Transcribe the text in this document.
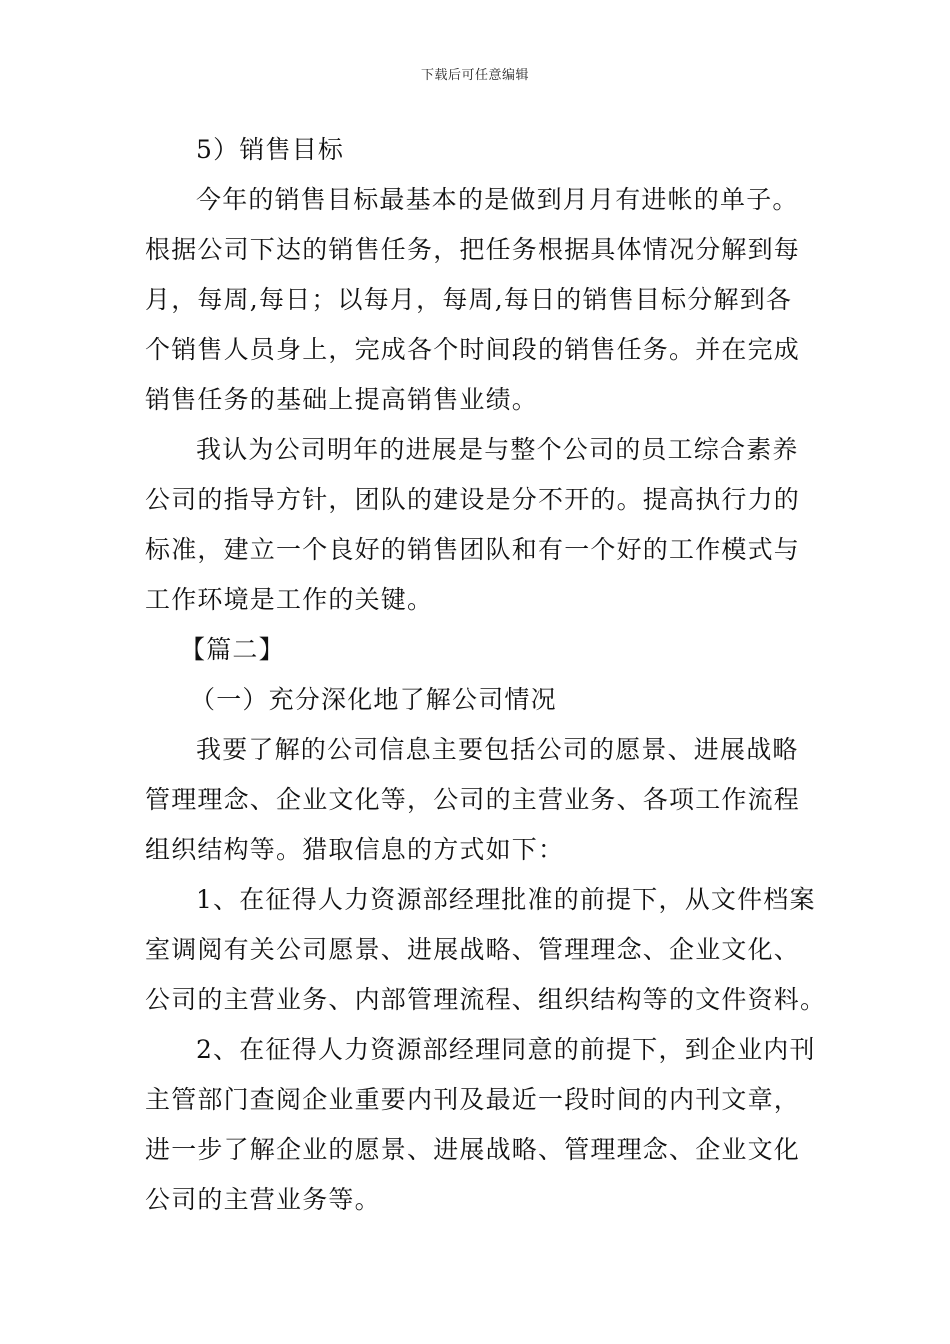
下载后可任意编辑
5）销售目标
今年的销售目标最基本的是做到月月有进帐的单子。
根据公司下达的销售任务，把任务根据具体情况分解到每
月，每周,每日；以每月，每周,每日的销售目标分解到各
个销售人员身上，完成各个时间段的销售任务。并在完成
销售任务的基础上提高销售业绩。
我认为公司明年的进展是与整个公司的员工综合素养
公司的指导方针，团队的建设是分不开的。提高执行力的
标准，建立一个良好的销售团队和有一个好的工作模式与
工作环境是工作的关键。
【篇二】
（一）充分深化地了解公司情况
我要了解的公司信息主要包括公司的愿景、进展战略
管理理念、企业文化等，公司的主营业务、各项工作流程
组织结构等。猎取信息的方式如下：
1、在征得人力资源部经理批准的前提下，从文件档案
室调阅有关公司愿景、进展战略、管理理念、企业文化、
公司的主营业务、内部管理流程、组织结构等的文件资料。
2、在征得人力资源部经理同意的前提下，到企业内刊
主管部门查阅企业重要内刊及最近一段时间的内刊文章，
进一步了解企业的愿景、进展战略、管理理念、企业文化
公司的主营业务等。
